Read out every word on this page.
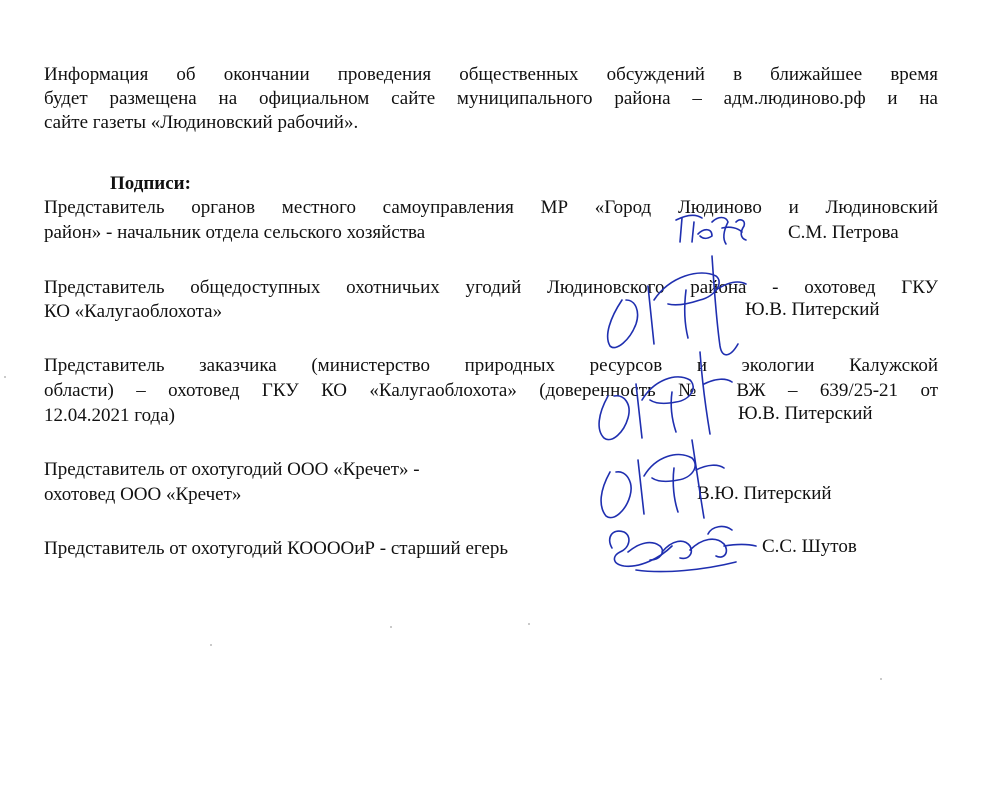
Информация об окончании проведения общественных обсуждений в ближайшее время
будет размещена на официальном сайте муниципального района – адм.людиново.рф и на
сайте газеты «Людиновский рабочий».
Подписи:
Представитель органов местного самоуправления МР «Город Людиново и Людиновский
район» - начальник отдела сельского хозяйства	С.М. Петрова
Представитель общедоступных охотничьих угодий Людиновского района - охотовед ГКУ
КО «Калугаоблохота»	Ю.В. Питерский
Представитель заказчика (министерство природных ресурсов и экологии Калужской
области) – охотовед ГКУ КО «Калугаоблохота» (доверенность № ВЖ – 639/25-21 от
12.04.2021 года)	Ю.В. Питерский
Представитель от охотугодий ООО «Кречет» -
охотовед ООО «Кречет»	В.Ю. Питерский
Представитель от охотугодий КООООиР - старший егерь	С.С. Шутов
